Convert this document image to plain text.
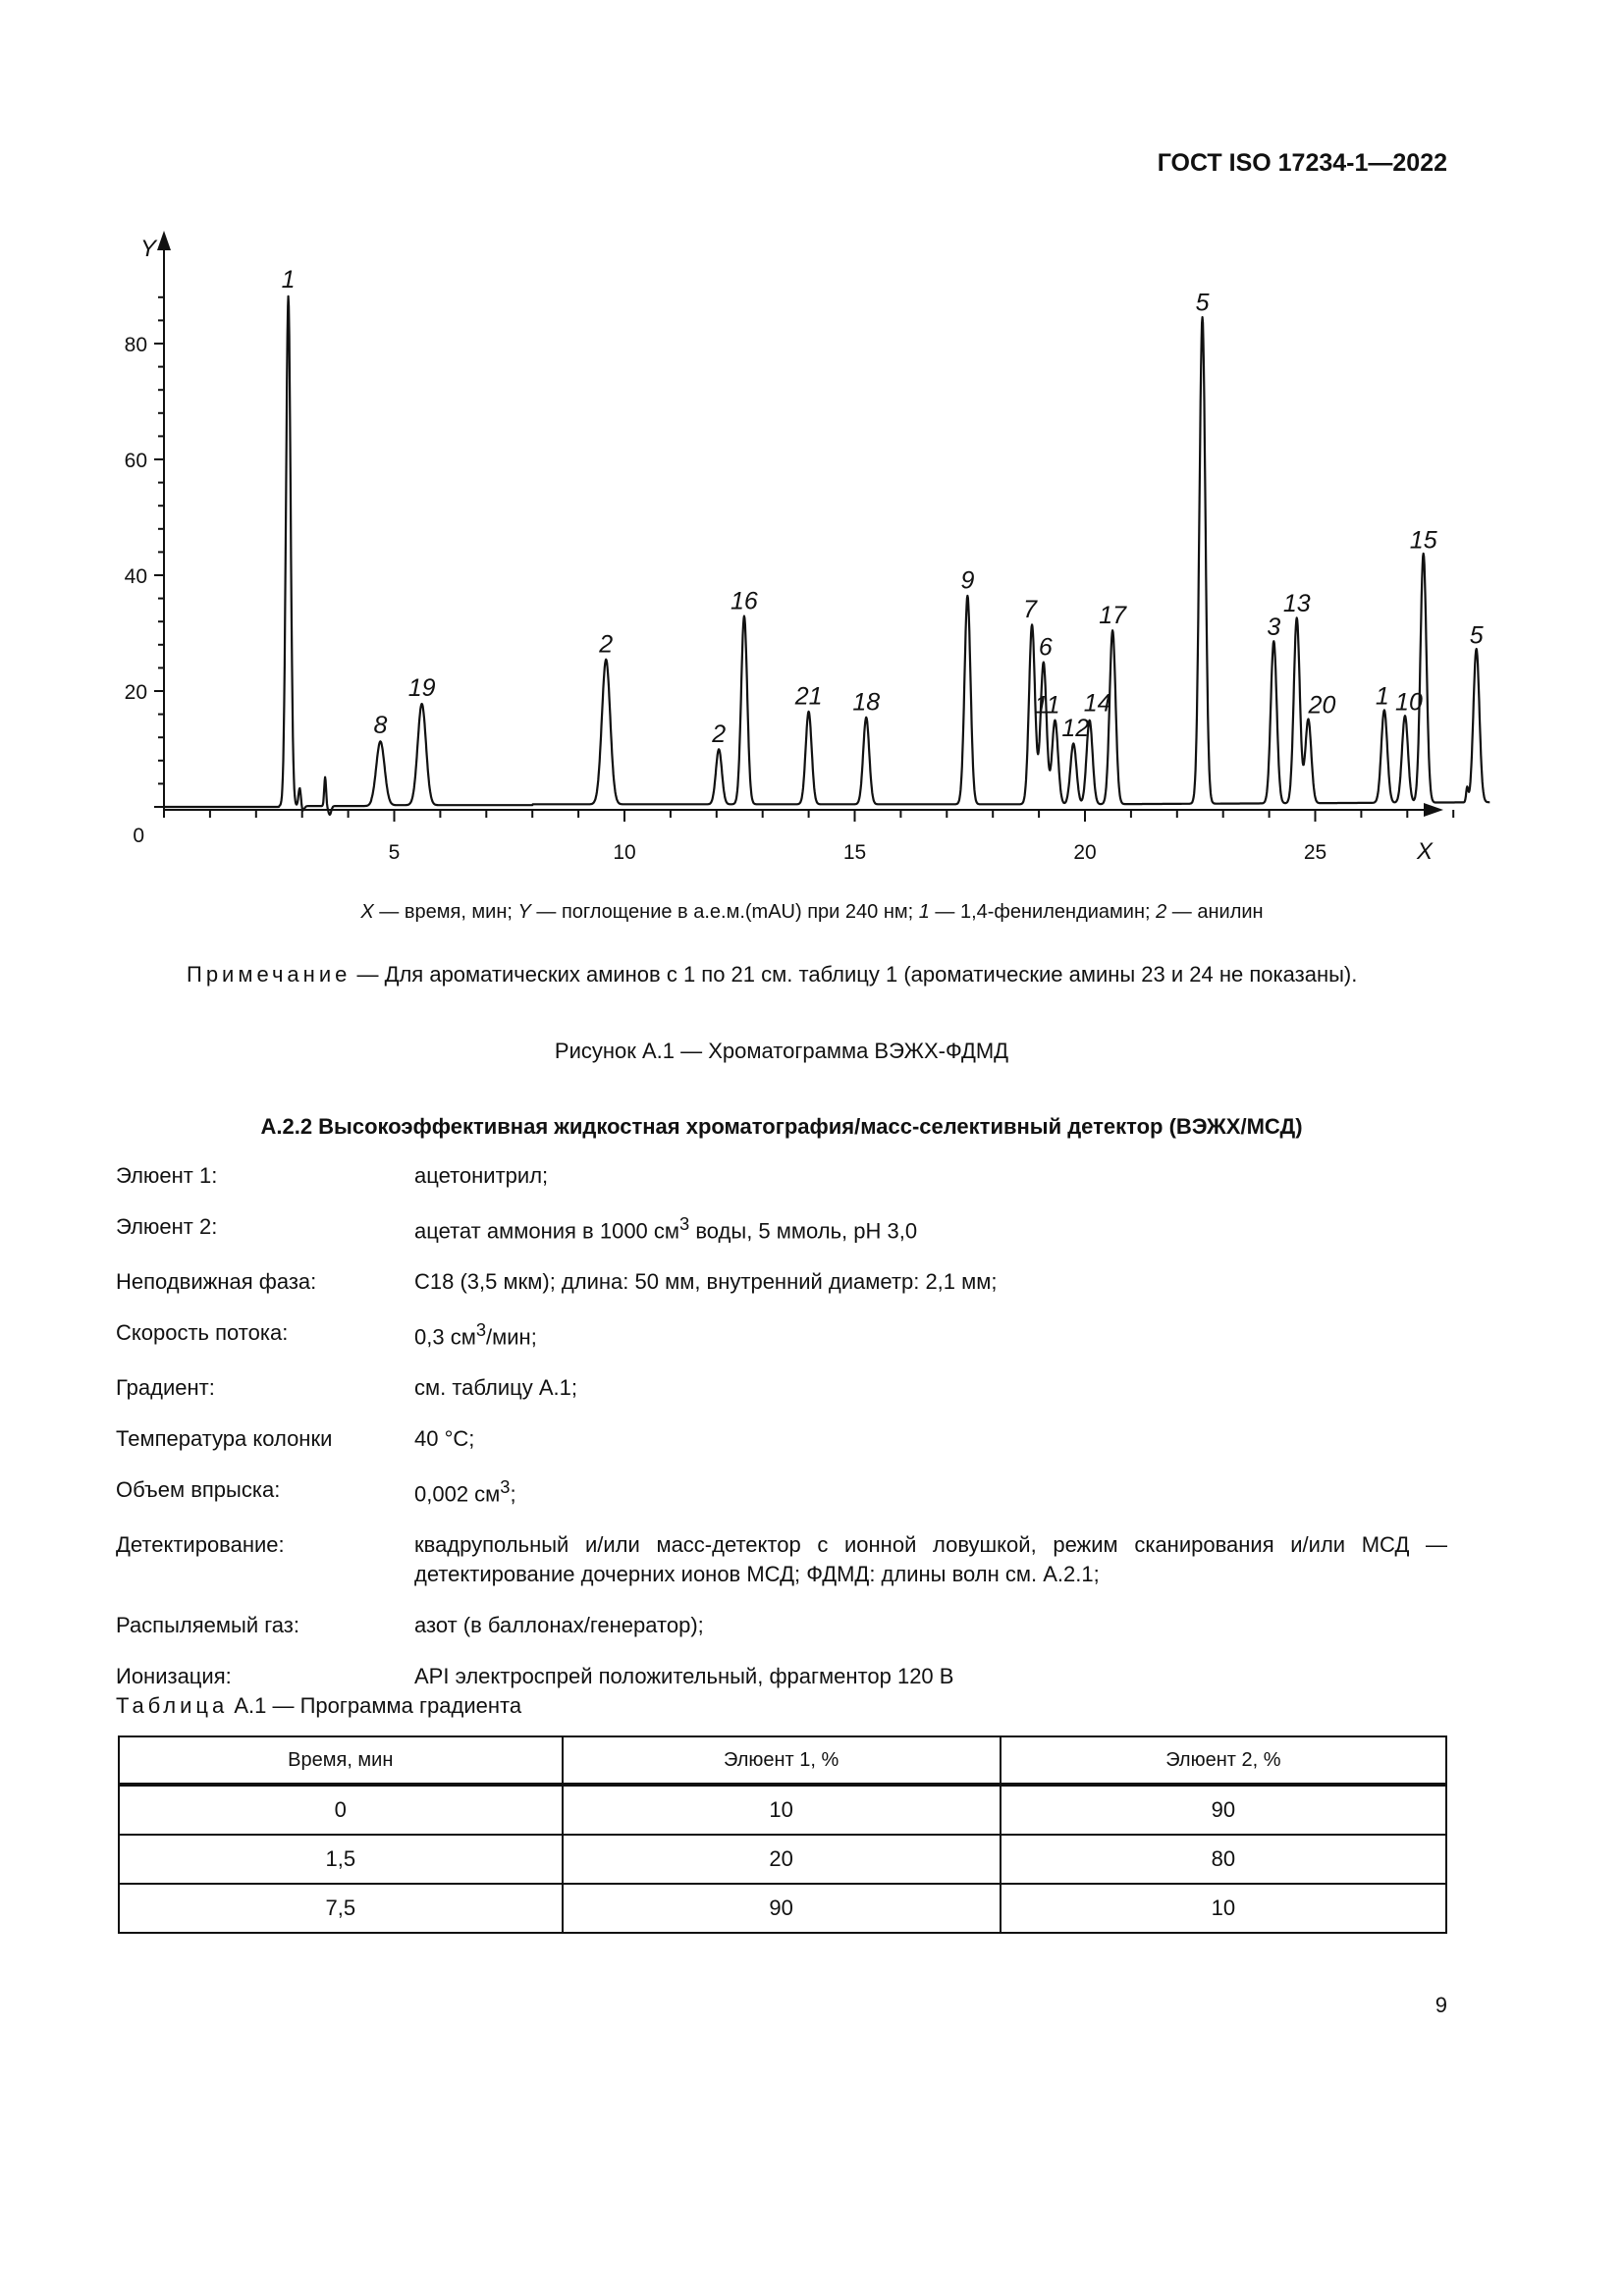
ГОСТ ISO 17234-1—2022
Y
X
0
20
40
60
80
5	10	15	20	25
1
8
19
2
2
16
21 18
9
7
6
11
12
14
17
5
3
13
20 1 10
15
5
X — время, мин; Y — поглощение в а.е.м.(mAU) при 240 нм; 1 — 1,4-фенилендиамин; 2 — анилин
Примечание — Для ароматических аминов с 1 по 21 см. таблицу 1 (ароматические амины 23 и 24 не показаны).
Рисунок А.1 — Хроматограмма ВЭЖХ-ФДМД
А.2.2 Высокоэффективная жидкостная хроматография/масс-селективный детектор (ВЭЖХ/МСД)
Элюент 1:	ацетонитрил;
Элюент 2:	ацетат аммония в 1000 $см^3$ воды, 5 ммоль, pH 3,0
Неподвижная фаза:	C18 (3,5 мкм); длина: 50 мм, внутренний диаметр: 2,1 мм;
Скорость потока:	0,3 $см^3$/мин;
Градиент:	см. таблицу А.1;
Температура колонки	40 °С;
Объем впрыска:	0,002 $см^3$;
Детектирование:	квадрупольный и/или масс-детектор с ионной ловушкой, режим сканирования и/или МСД — детектирование дочерних ионов МСД; ФДМД: длины волн см. А.2.1;
Распыляемый газ:	азот (в баллонах/генератор);
Ионизация:	API электроспрей положительный, фрагментор 120 В
Таблица А.1 — Программа градиента
Время, мин	Элюент 1, %	Элюент 2, %
0	10	90
1,5	20	80
7,5	90	10
9
